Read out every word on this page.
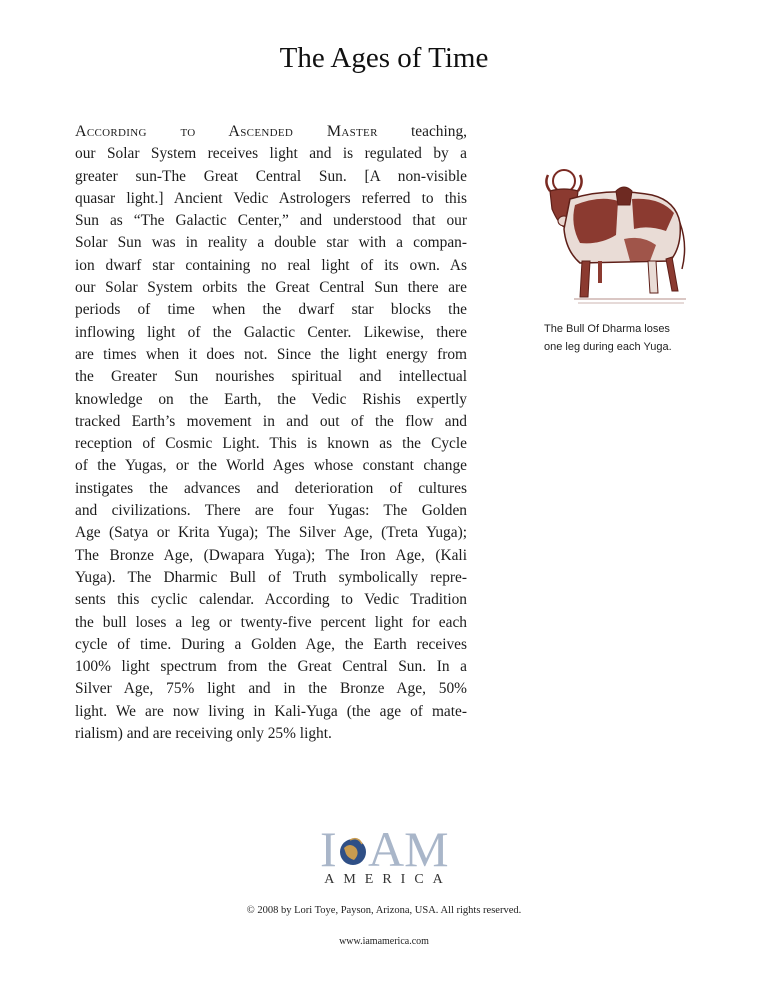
The Ages of Time
According to Ascended Master teaching,
our Solar System receives light and is regulated by a
greater sun-The Great Central Sun. [A non-visible
quasar light.] Ancient Vedic Astrologers referred to this
Sun as “The Galactic Center,” and understood that our
Solar Sun was in reality a double star with a compan-
ion dwarf star containing no real light of its own. As
our Solar System orbits the Great Central Sun there are
periods of time when the dwarf star blocks the
inflowing light of the Galactic Center. Likewise, there
are times when it does not. Since the light energy from
the Greater Sun nourishes spiritual and intellectual
knowledge on the Earth, the Vedic Rishis expertly
tracked Earth’s movement in and out of the flow and
reception of Cosmic Light. This is known as the Cycle
of the Yugas, or the World Ages whose constant change
instigates the advances and deterioration of cultures
and civilizations. There are four Yugas: The Golden
Age (Satya or Krita Yuga); The Silver Age, (Treta Yuga);
The Bronze Age, (Dwapara Yuga); The Iron Age, (Kali
Yuga). The Dharmic Bull of Truth symbolically repre-
sents this cyclic calendar. According to Vedic Tradition
the bull loses a leg or twenty-five percent light for each
cycle of time. During a Golden Age, the Earth receives
100% light spectrum from the Great Central Sun. In a
Silver Age, 75% light and in the Bronze Age, 50%
light. We are now living in Kali-Yuga (the age of mate-
rialism) and are receiving only 25% light.
The Bull Of Dharma loses
one leg during each Yuga.
I AM
AMERICA
© 2008 by Lori Toye, Payson, Arizona, USA. All rights reserved.
www.iamamerica.com
